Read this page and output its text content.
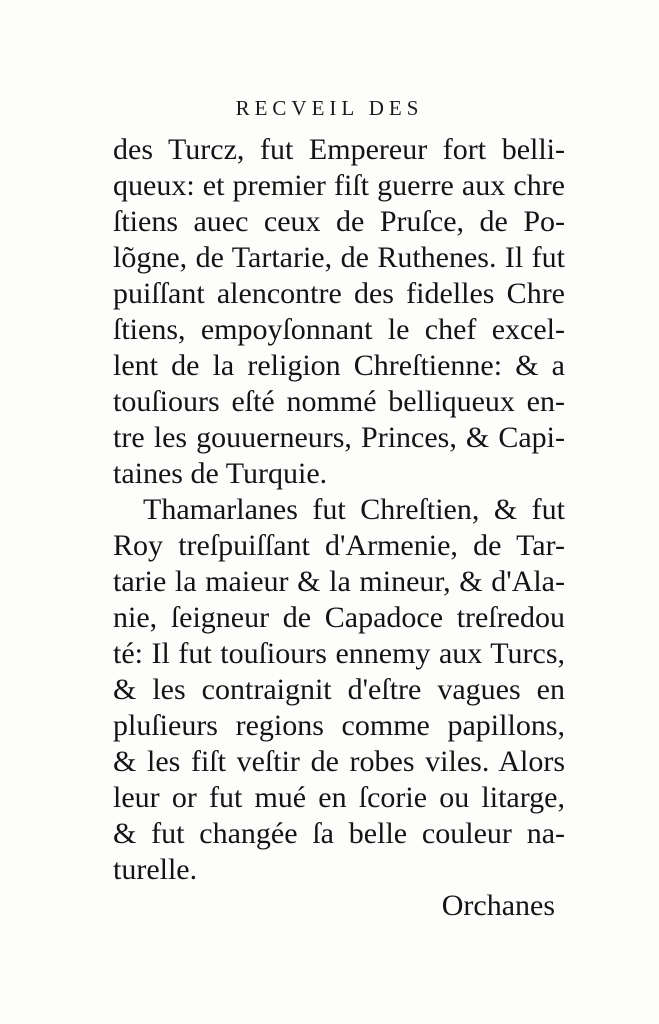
RECVEIL DES
des Turcz, fut Empereur fort belli-
queux: et premier fiſt guerre aux chre
ſtiens auec ceux de Pruſce, de Po-
lõgne, de Tartarie, de Ruthenes. Il fut
puiſſant alencontre des fidelles Chre
ſtiens, empoyſonnant le chef excel-
lent de la religion Chreſtienne: & a
touſiours eſté nommé belliqueux en-
tre les gouuerneurs, Princes, & Capi-
taines de Turquie.
Thamarlanes fut Chreſtien, & fut
Roy treſpuiſſant d'Armenie, de Tar-
tarie la maieur & la mineur, & d'Ala-
nie, ſeigneur de Capadoce treſredou
té: Il fut touſiours ennemy aux Turcs,
& les contraignit d'eſtre vagues en
pluſieurs regions comme papillons,
& les fiſt veſtir de robes viles. Alors
leur or fut mué en ſcorie ou litarge,
& fut changée ſa belle couleur na-
turelle.
Orchanes
